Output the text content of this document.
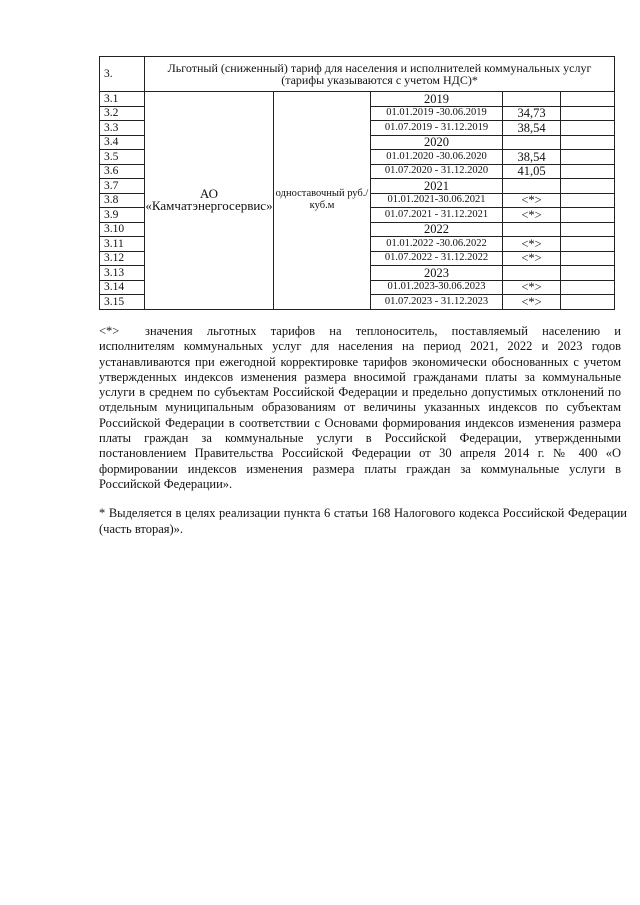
3.	Льготный (сниженный) тариф для населения и исполнителей коммунальных услуг (тарифы указываются с учетом НДС)*				
3.1	АО «Камчатэнергосервис»	одноставочный руб./куб.м	2019		
3.2			01.01.2019 -30.06.2019	34,73	
3.3			01.07.2019 - 31.12.2019	38,54	
3.4			2020		
3.5			01.01.2020 -30.06.2020	38,54	
3.6			01.07.2020 - 31.12.2020	41,05	
3.7			2021		
3.8			01.01.2021-30.06.2021	<*>	
3.9			01.07.2021 - 31.12.2021	<*>	
3.10			2022		
3.11			01.01.2022 -30.06.2022	<*>	
3.12			01.07.2022 - 31.12.2022	<*>	
3.13			2023		
3.14			01.01.2023-30.06.2023	<*>	
3.15			01.07.2023 - 31.12.2023	<*>	

<*> значения льготных тарифов на теплоноситель, поставляемый населению и исполнителям коммунальных услуг для населения на период 2021, 2022 и 2023 годов устанавливаются при ежегодной корректировке тарифов экономически обоснованных с учетом утвержденных индексов изменения размера вносимой гражданами платы за коммунальные услуги в среднем по субъектам Российской Федерации и предельно допустимых отклонений по отдельным муниципальным образованиям от величины указанных индексов по субъектам Российской Федерации в соответствии с Основами формирования индексов изменения размера платы граждан за коммунальные услуги в Российской Федерации, утвержденными постановлением Правительства Российской Федерации от 30 апреля 2014 г. № 400 «О формировании индексов изменения размера платы граждан за коммунальные услуги в Российской Федерации».

* Выделяется в целях реализации пункта 6 статьи 168 Налогового кодекса Российской Федерации (часть вторая)».
